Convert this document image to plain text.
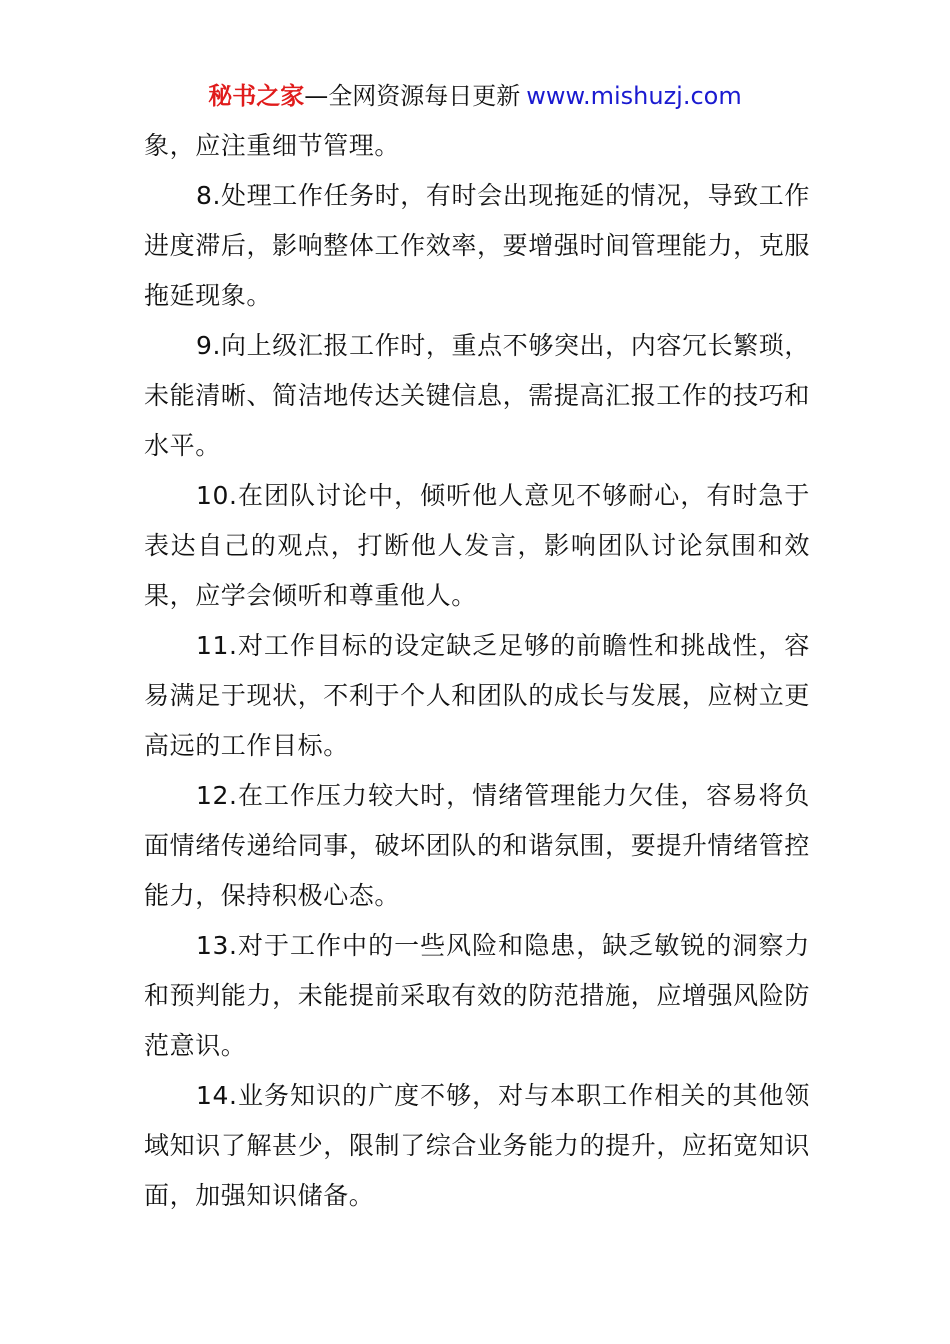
秘书之家—全网资源每日更新 www.mishuzj.com

象，应注重细节管理。

8.处理工作任务时，有时会出现拖延的情况，导致工作进度滞后，影响整体工作效率，要增强时间管理能力，克服拖延现象。

9.向上级汇报工作时，重点不够突出，内容冗长繁琐，未能清晰、简洁地传达关键信息，需提高汇报工作的技巧和水平。

10.在团队讨论中，倾听他人意见不够耐心，有时急于表达自己的观点，打断他人发言，影响团队讨论氛围和效果，应学会倾听和尊重他人。

11.对工作目标的设定缺乏足够的前瞻性和挑战性，容易满足于现状，不利于个人和团队的成长与发展，应树立更高远的工作目标。

12.在工作压力较大时，情绪管理能力欠佳，容易将负面情绪传递给同事，破坏团队的和谐氛围，要提升情绪管控能力，保持积极心态。

13.对于工作中的一些风险和隐患，缺乏敏锐的洞察力和预判能力，未能提前采取有效的防范措施，应增强风险防范意识。

14.业务知识的广度不够，对与本职工作相关的其他领域知识了解甚少，限制了综合业务能力的提升，应拓宽知识面，加强知识储备。
